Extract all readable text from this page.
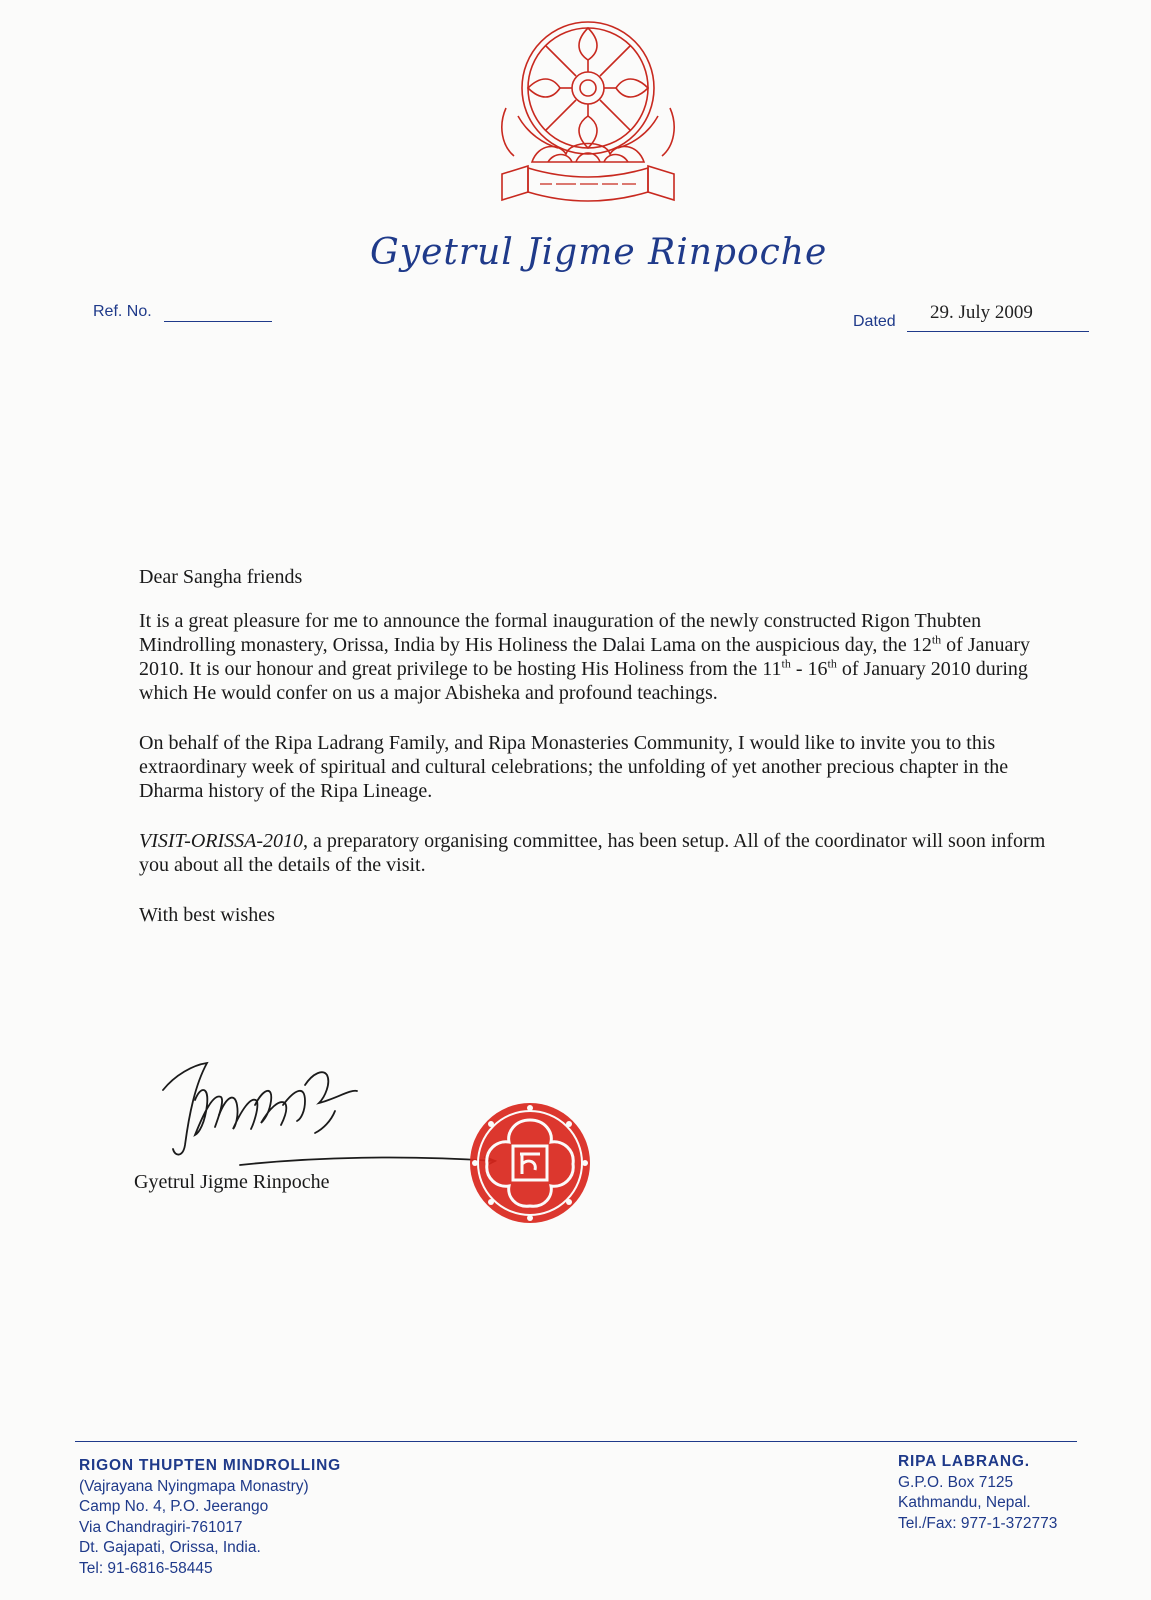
Gyetrul Jigme Rinpoche
Ref. No.
Dated 29. July 2009

Dear Sangha friends

It is a great pleasure for me to announce the formal inauguration of the newly constructed Rigon Thubten Mindrolling monastery, Orissa, India by His Holiness the Dalai Lama on the auspicious day, the 12th of January 2010. It is our honour and great privilege to be hosting His Holiness from the 11th - 16th of January 2010 during which He would confer on us a major Abisheka and profound teachings.

On behalf of the Ripa Ladrang Family, and Ripa Monasteries Community, I would like to invite you to this extraordinary week of spiritual and cultural celebrations; the unfolding of yet another precious chapter in the Dharma history of the Ripa Lineage.

VISIT-ORISSA-2010, a preparatory organising committee, has been setup. All of the coordinator will soon inform you about all the details of the visit.

With best wishes

Gyetrul Jigme Rinpoche
RIGON THUPTEN MINDROLLING
(Vajrayana Nyingmapa Monastry)
Camp No. 4, P.O. Jeerango
Via Chandragiri-761017
Dt. Gajapati, Orissa, India.
Tel: 91-6816-58445
RIPA LABRANG.
G.P.O. Box 7125
Kathmandu, Nepal.
Tel./Fax: 977-1-372773
